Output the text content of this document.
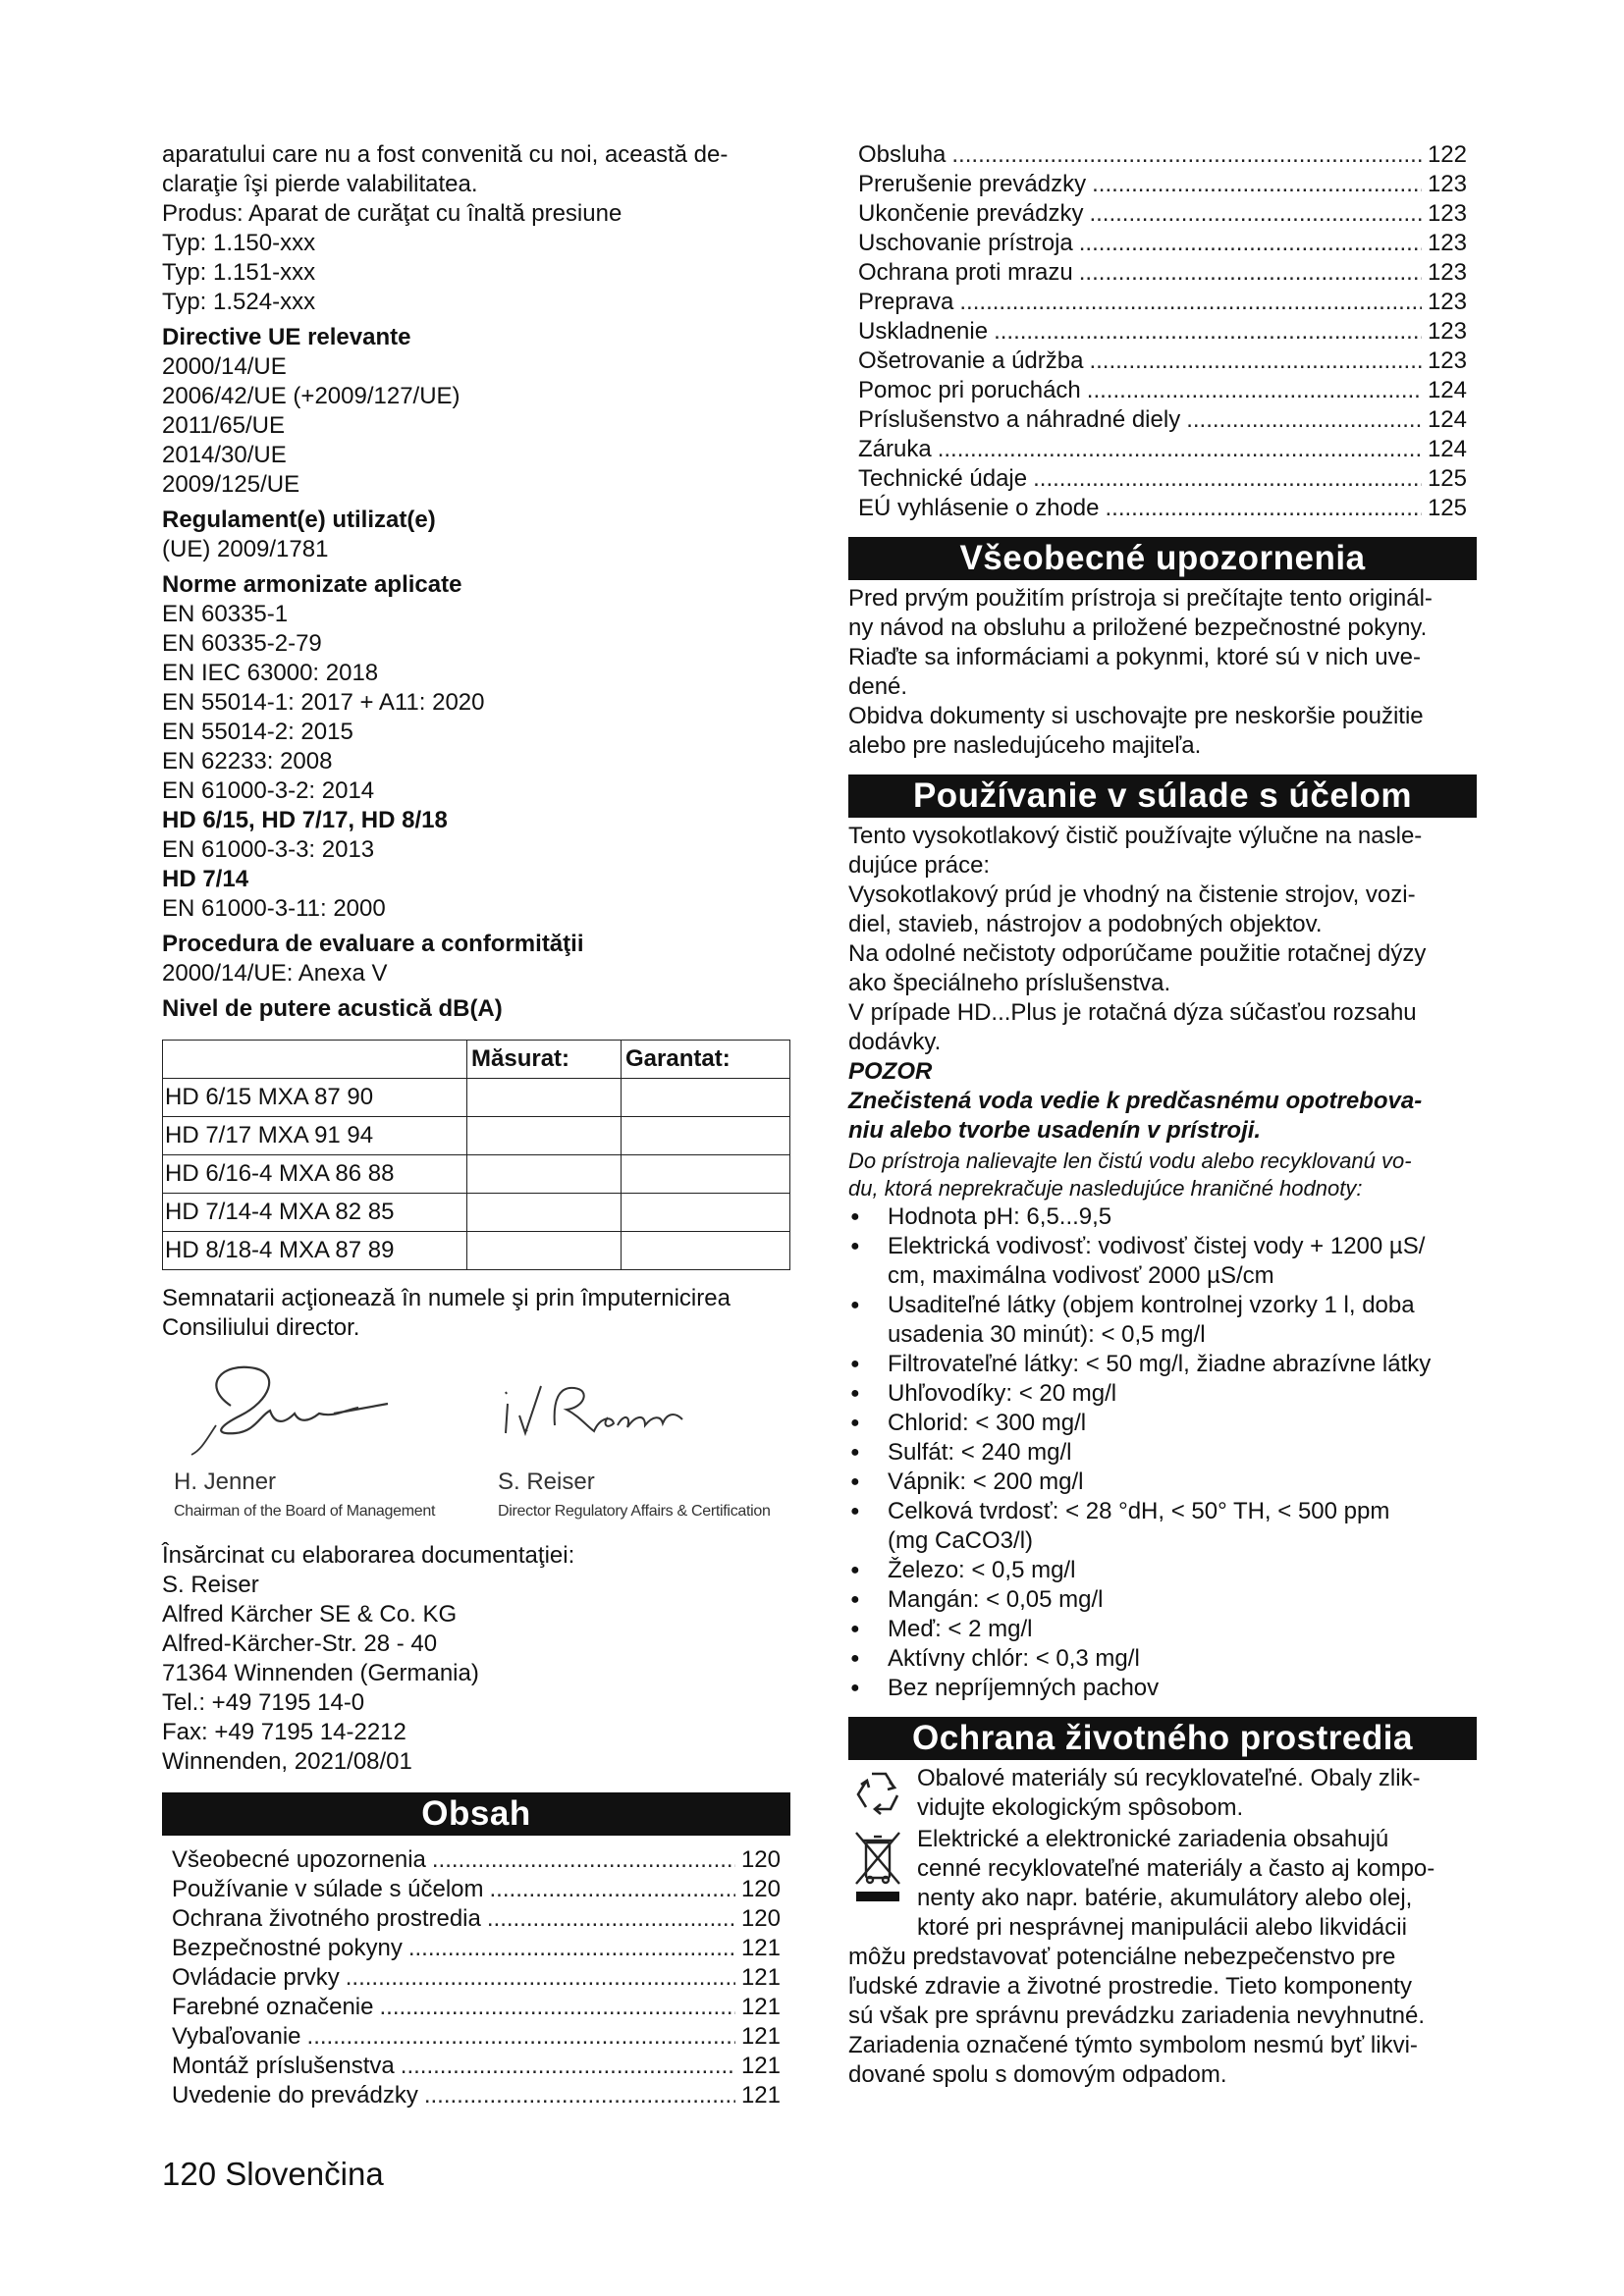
aparatului care nu a fost convenită cu noi, această de-
claraţie îşi pierde valabilitatea.
Produs: Aparat de curăţat cu înaltă presiune
Typ: 1.150-xxx
Typ: 1.151-xxx
Typ: 1.524-xxx
Directive UE relevante
2000/14/UE
2006/42/UE (+2009/127/UE)
2011/65/UE
2014/30/UE
2009/125/UE
Regulament(e) utilizat(e)
(UE) 2009/1781
Norme armonizate aplicate
EN 60335-1
EN 60335-2-79
EN IEC 63000: 2018
EN 55014-1: 2017 + A11: 2020
EN 55014-2: 2015
EN 62233: 2008
EN 61000-3-2: 2014
HD 6/15, HD 7/17, HD 8/18
EN 61000-3-3: 2013
HD 7/14
EN 61000-3-11: 2000
Procedura de evaluare a conformităţii
2000/14/UE: Anexa V
Nivel de putere acustică dB(A)
	Măsurat:	Garantat:
HD 6/15 MXA 87 90		
HD 7/17 MXA 91 94		
HD 6/16-4 MXA 86 88		
HD 7/14-4 MXA 82 85		
HD 8/18-4 MXA 87 89		
Semnatarii acţionează în numele şi prin împuternicirea
Consiliului director.
H. Jenner
Chairman of the Board of Management
S. Reiser
Director Regulatory Affairs & Certification
Însărcinat cu elaborarea documentaţiei:
S. Reiser
Alfred Kärcher SE & Co. KG
Alfred-Kärcher-Str. 28 - 40
71364 Winnenden (Germania)
Tel.: +49 7195 14-0
Fax: +49 7195 14-2212
Winnenden, 2021/08/01
Obsah
Všeobecné upozornenia .....	120
Používanie v súlade s účelom .....	120
Ochrana životného prostredia .....	120
Bezpečnostné pokyny .....	121
Ovládacie prvky .....	121
Farebné označenie .....	121
Vybaľovanie .....	121
Montáž príslušenstva .....	121
Uvedenie do prevádzky .....	121
Obsluha .....	122
Prerušenie prevádzky .....	123
Ukončenie prevádzky .....	123
Uschovanie prístroja .....	123
Ochrana proti mrazu .....	123
Preprava .....	123
Uskladnenie .....	123
Ošetrovanie a údržba .....	123
Pomoc pri poruchách .....	124
Príslušenstvo a náhradné diely .....	124
Záruka .....	124
Technické údaje .....	125
EÚ vyhlásenie o zhode .....	125
Všeobecné upozornenia
Pred prvým použitím prístroja si prečítajte tento originál-
ny návod na obsluhu a priložené bezpečnostné pokyny.
Riaďte sa informáciami a pokynmi, ktoré sú v nich uve-
dené.
Obidva dokumenty si uschovajte pre neskoršie použitie
alebo pre nasledujúceho majiteľa.
Používanie v súlade s účelom
Tento vysokotlakový čistič používajte výlučne na nasle-
dujúce práce:
Vysokotlakový prúd je vhodný na čistenie strojov, vozi-
diel, stavieb, nástrojov a podobných objektov.
Na odolné nečistoty odporúčame použitie rotačnej dýzy
ako špeciálneho príslušenstva.
V prípade HD...Plus je rotačná dýza súčasťou rozsahu
dodávky.
POZOR
Znečistená voda vedie k predčasnému opotrebova-
niu alebo tvorbe usadenín v prístroji.
Do prístroja nalievajte len čistú vodu alebo recyklovanú vo-
du, ktorá neprekračuje nasledujúce hraničné hodnoty:
● Hodnota pH: 6,5...9,5
● Elektrická vodivosť: vodivosť čistej vody + 1200 µS/
cm, maximálna vodivosť 2000 µS/cm
● Usaditeľné látky (objem kontrolnej vzorky 1 l, doba
usadenia 30 minút): < 0,5 mg/l
● Filtrovateľné látky: < 50 mg/l, žiadne abrazívne látky
● Uhľovodíky: < 20 mg/l
● Chlorid: < 300 mg/l
● Sulfát: < 240 mg/l
● Vápnik: < 200 mg/l
● Celková tvrdosť: < 28 °dH, < 50° TH, < 500 ppm
(mg CaCO3/l)
● Železo: < 0,5 mg/l
● Mangán: < 0,05 mg/l
● Meď: < 2 mg/l
● Aktívny chlór: < 0,3 mg/l
● Bez nepríjemných pachov
Ochrana životného prostredia
Obalové materiály sú recyklovateľné. Obaly zlik-
vidujte ekologickým spôsobom.
Elektrické a elektronické zariadenia obsahujú
cenné recyklovateľné materiály a často aj kompo-
nenty ako napr. batérie, akumulátory alebo olej,
ktoré pri nesprávnej manipulácii alebo likvidácii
môžu predstavovať potenciálne nebezpečenstvo pre
ľudské zdravie a životné prostredie. Tieto komponenty
sú však pre správnu prevádzku zariadenia nevyhnutné.
Zariadenia označené týmto symbolom nesmú byť likvi-
dované spolu s domovým odpadom.
120 Slovenčina
